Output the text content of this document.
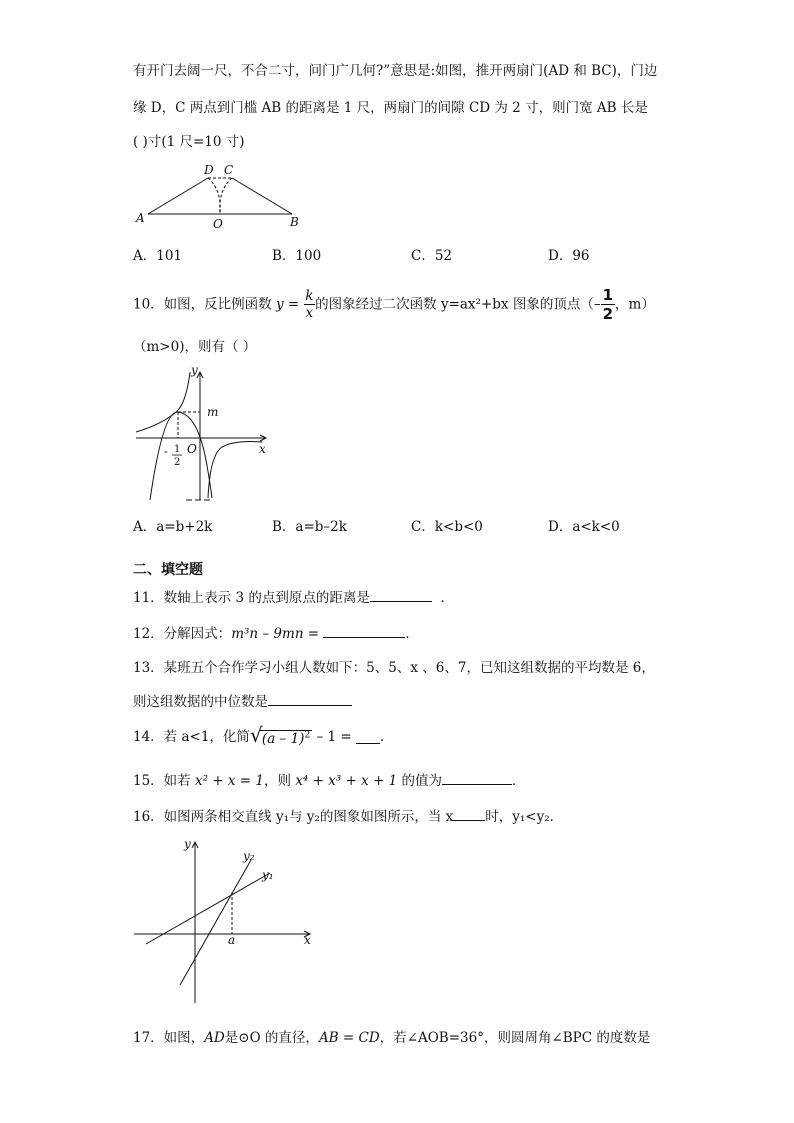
有开门去阔一尺，不合二寸，问门广几何?”意思是:如图，推开两扇门(AD 和 BC)，门边
缘 D，C 两点到门槛 AB 的距离是 1 尺，两扇门的间隙 CD 为 2 寸，则门宽 AB 长是
( )寸(1 尺=10 寸)
A	B
O
D C
A．101	B．100	C．52	D．96
10．如图，反比例函数 $y = \frac{k}{x}$ 的图象经过二次函数 y=ax²+bx 图象的顶点（– $\frac{1}{2}$ ，m）
（m>0)，则有（ ）
y
x
O
m
- 1
2
A．a=b+2k	B．a=b–2k	C．k<b<0	D．a<k<0
二、填空题
11．数轴上表示 3 的点到原点的距离是	．
12．分解因式：m³n – 9mn =	．
13．某班五个合作学习小组人数如下：5、5、x 、6、7，已知这组数据的平均数是 6，
则这组数据的中位数是
14．若 a<1，化简 √ (a – 1)$^2$ – 1 = ．
15．如若 x² + x = 1，则 x⁴ + x³ + x + 1 的值为	．
16．如图两条相交直线 y₁与 y₂的图象如图所示，当 x 时，y₁<y₂．
y
x
a
y₂
y₁
17．如图，AD是⊙O 的直径，AB = CD，若∠AOB=36°，则圆周角∠BPC 的度数是
